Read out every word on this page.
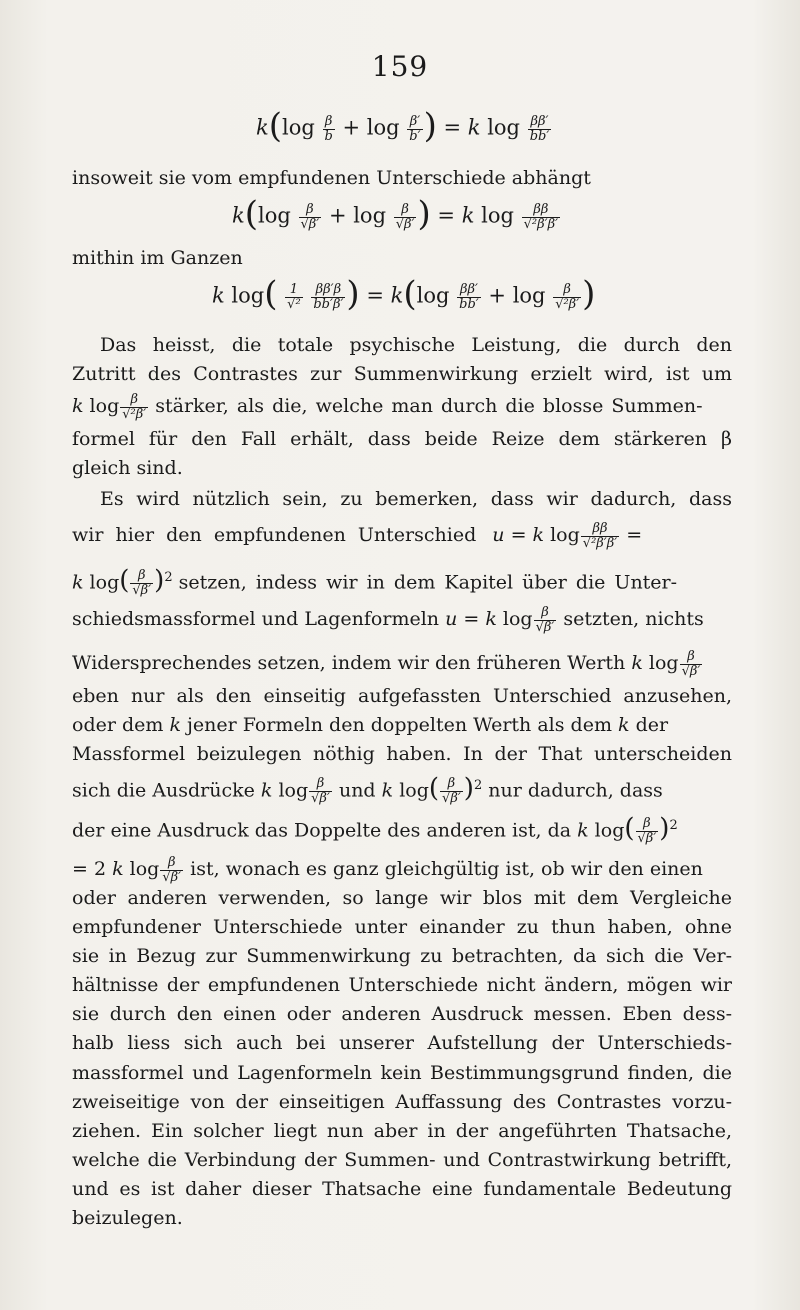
159
$k(\log \frac{\beta}{b} + \log \frac{\beta'}{b'}$ ) = k $\log \frac{\beta\beta'}{bb'}$
insoweit sie vom empfundenen Unterschiede abhängt
$k(\log \frac{\beta}{√\beta'} + \log \frac{\beta}{√\beta'}$ ) = k $\log \frac{\beta\beta}{\text{√²β′β′}}$
mithin im Ganzen
k $\log( \frac{1}{\text{√²}}$
$\frac{\beta\beta'\beta}{bb'\beta'}$ ) = $k(\log \frac{\beta\beta'}{bb'} + \log \frac{\beta}{\text{√²β′}}$ )
Das heisst, die totale psychische Leistung, die durch den
Zutritt des Contrastes zur Summenwirkung erzielt wird, ist um
k $\log \frac{\beta}{\text{√²β′}}$ stärker, als die, welche man durch die blosse Summen-
formel für den Fall erhält, dass beide Reize dem stärkeren β
gleich sind.
Es wird nützlich sein, zu bemerken, dass wir dadurch, dass
wir hier den empfundenen Unterschied u = k $\log \frac{\beta\beta}{\text{√²β′β′}}$ =
k $\log( \frac{\beta}{√\beta'} )^2$ setzen, indess wir in dem Kapitel über die Unter-
schiedsmassformel und Lagenformeln u = k $\log \frac{\beta}{√\beta'}$ setzten, nichts
Widersprechendes setzen, indem wir den früheren Werth k $\log \frac{\beta}{√\beta'}$
eben nur als den einseitig aufgefassten Unterschied anzusehen,
oder dem k jener Formeln den doppelten Werth als dem k der
Massformel beizulegen nöthig haben. In der That unterscheiden
sich die Ausdrücke k $\log \frac{\beta}{√\beta'}$ und k $\log( \frac{\beta}{√\beta'} )^2$ nur dadurch, dass
der eine Ausdruck das Doppelte des anderen ist, da k $\log( \frac{\beta}{√\beta'} )^2$
= 2 k $\log \frac{\beta}{√\beta'}$ ist, wonach es ganz gleichgültig ist, ob wir den einen
oder anderen verwenden, so lange wir blos mit dem Vergleiche
empfundener Unterschiede unter einander zu thun haben, ohne
sie in Bezug zur Summenwirkung zu betrachten, da sich die Ver-
hältnisse der empfundenen Unterschiede nicht ändern, mögen wir
sie durch den einen oder anderen Ausdruck messen. Eben dess-
halb liess sich auch bei unserer Aufstellung der Unterschieds-
massformel und Lagenformeln kein Bestimmungsgrund finden, die
zweiseitige von der einseitigen Auffassung des Contrastes vorzu-
ziehen. Ein solcher liegt nun aber in der angeführten Thatsache,
welche die Verbindung der Summen- und Contrastwirkung betrifft,
und es ist daher dieser Thatsache eine fundamentale Bedeutung
beizulegen.
